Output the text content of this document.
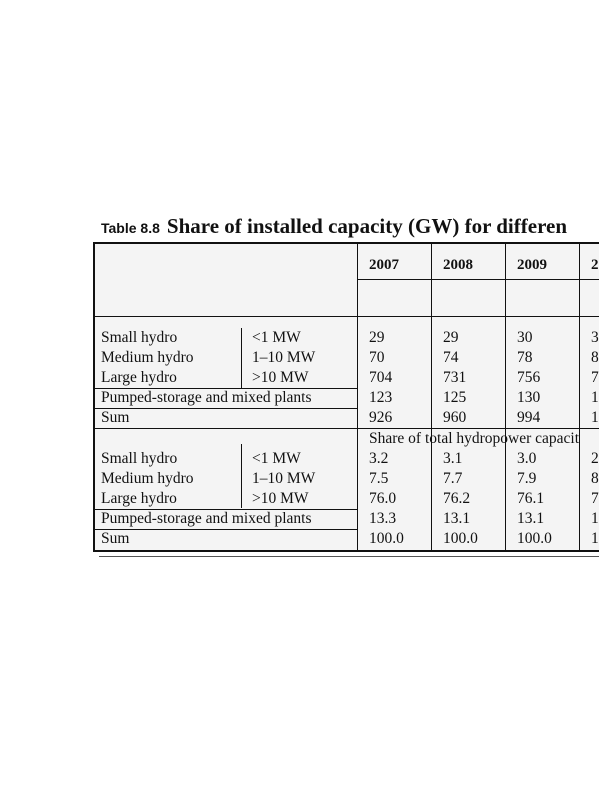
Table 8.8 Share of installed capacity (GW) for differen
2007	2008	2009	2
Small hydro	<1 MW	29	29	30	3
Medium hydro	1–10 MW	70	74	78	8
Large hydro	>10 MW	704	731	756	7
Pumped-storage and mixed plants	123	125	130	1
Sum	926	960	994	1
Share of total hydropower capacit
Small hydro	<1 MW	3.2	3.1	3.0	2
Medium hydro	1–10 MW	7.5	7.7	7.9	8
Large hydro	>10 MW	76.0	76.2	76.1	7
Pumped-storage and mixed plants	13.3	13.1	13.1	1
Sum	100.0	100.0	100.0	1
